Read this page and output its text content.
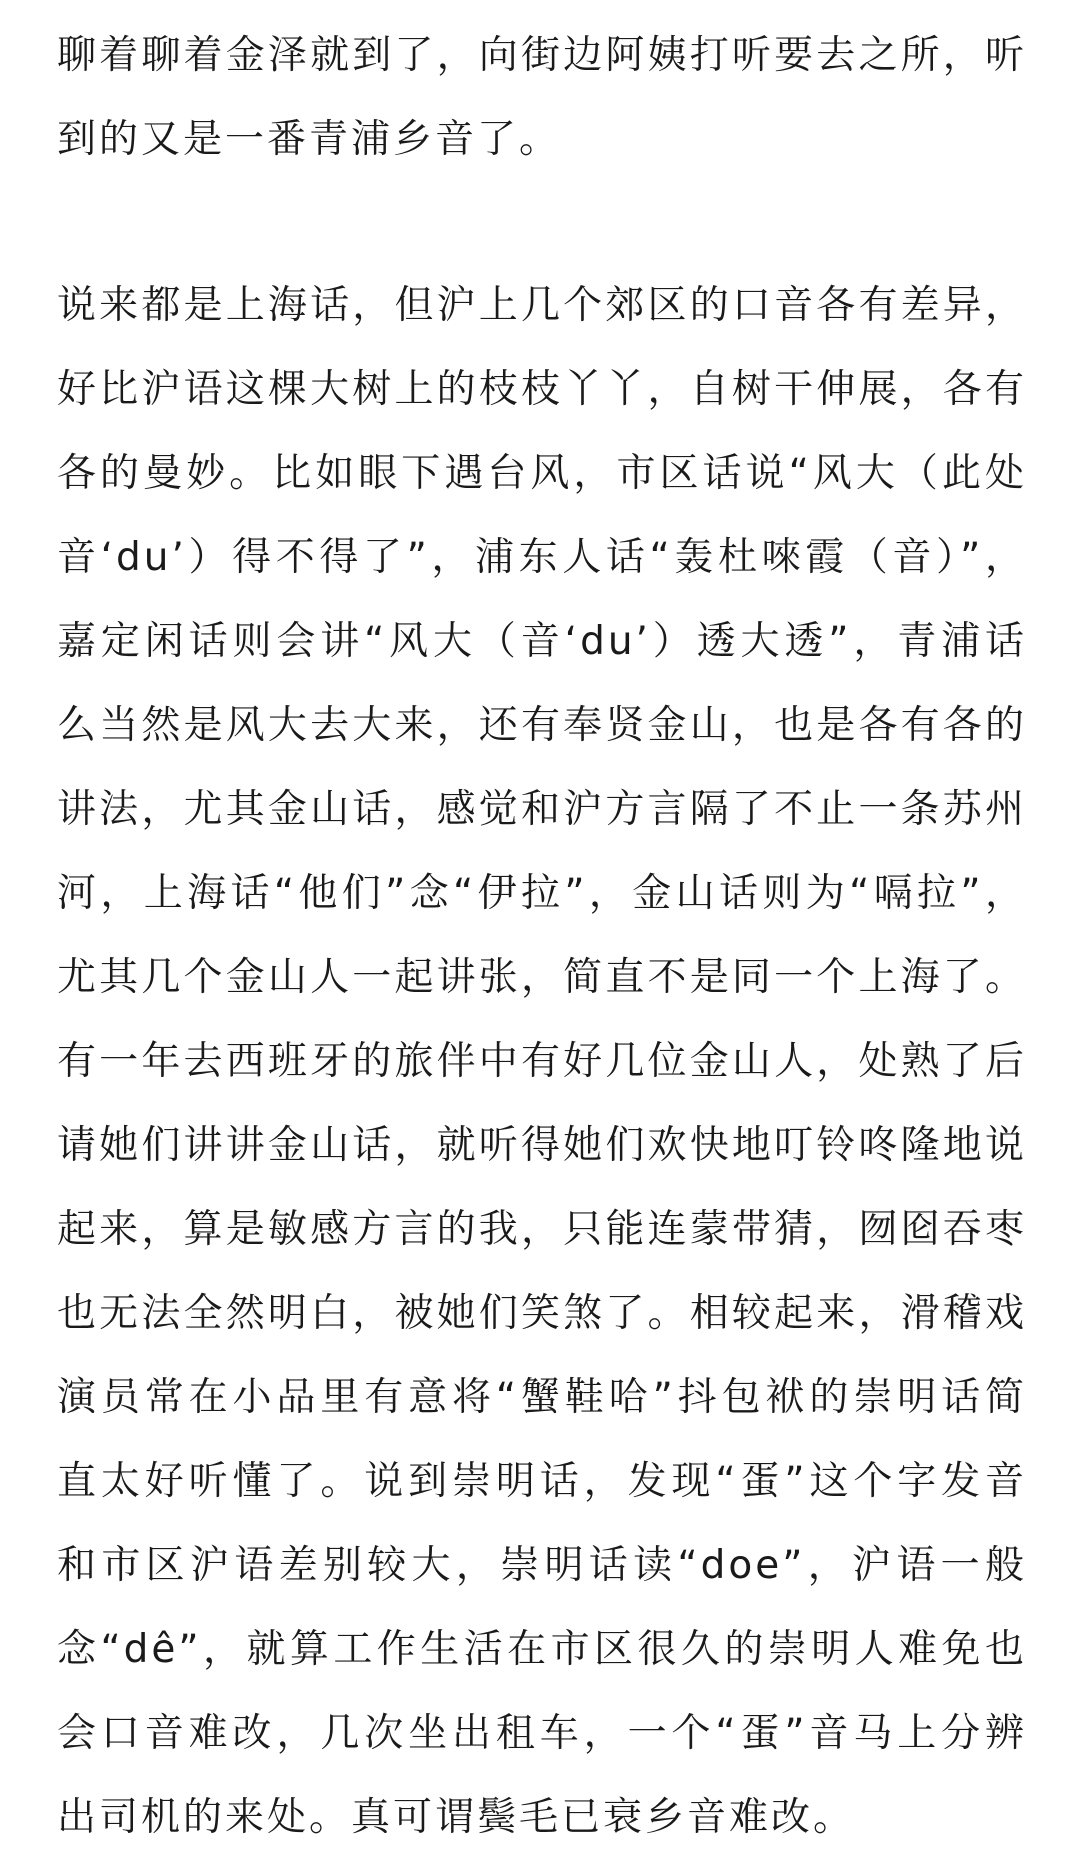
聊着聊着金泽就到了，向街边阿姨打听要去之所，听到的又是一番青浦乡音了。

说来都是上海话，但沪上几个郊区的口音各有差异，好比沪语这棵大树上的枝枝丫丫，自树干伸展，各有各的曼妙。比如眼下遇台风，市区话说“风大（此处音‘du’）得不得了”，浦东人话“轰杜唻霞（音）”，嘉定闲话则会讲“风大（音‘du’）透大透”，青浦话么当然是风大去大来，还有奉贤金山，也是各有各的讲法，尤其金山话，感觉和沪方言隔了不止一条苏州河，上海话“他们”念“伊拉”，金山话则为“嗝拉”，尤其几个金山人一起讲张，简直不是同一个上海了。有一年去西班牙的旅伴中有好几位金山人，处熟了后请她们讲讲金山话，就听得她们欢快地叮铃咚隆地说起来，算是敏感方言的我，只能连蒙带猜，囫囵吞枣也无法全然明白，被她们笑煞了。相较起来，滑稽戏演员常在小品里有意将“蟹鞋哈”抖包袱的崇明话简直太好听懂了。说到崇明话，发现“蛋”这个字发音和市区沪语差别较大，崇明话读“doe”，沪语一般念“dê”，就算工作生活在市区很久的崇明人难免也会口音难改，几次坐出租车，一个“蛋”音马上分辨出司机的来处。真可谓鬓毛已衰乡音难改。
